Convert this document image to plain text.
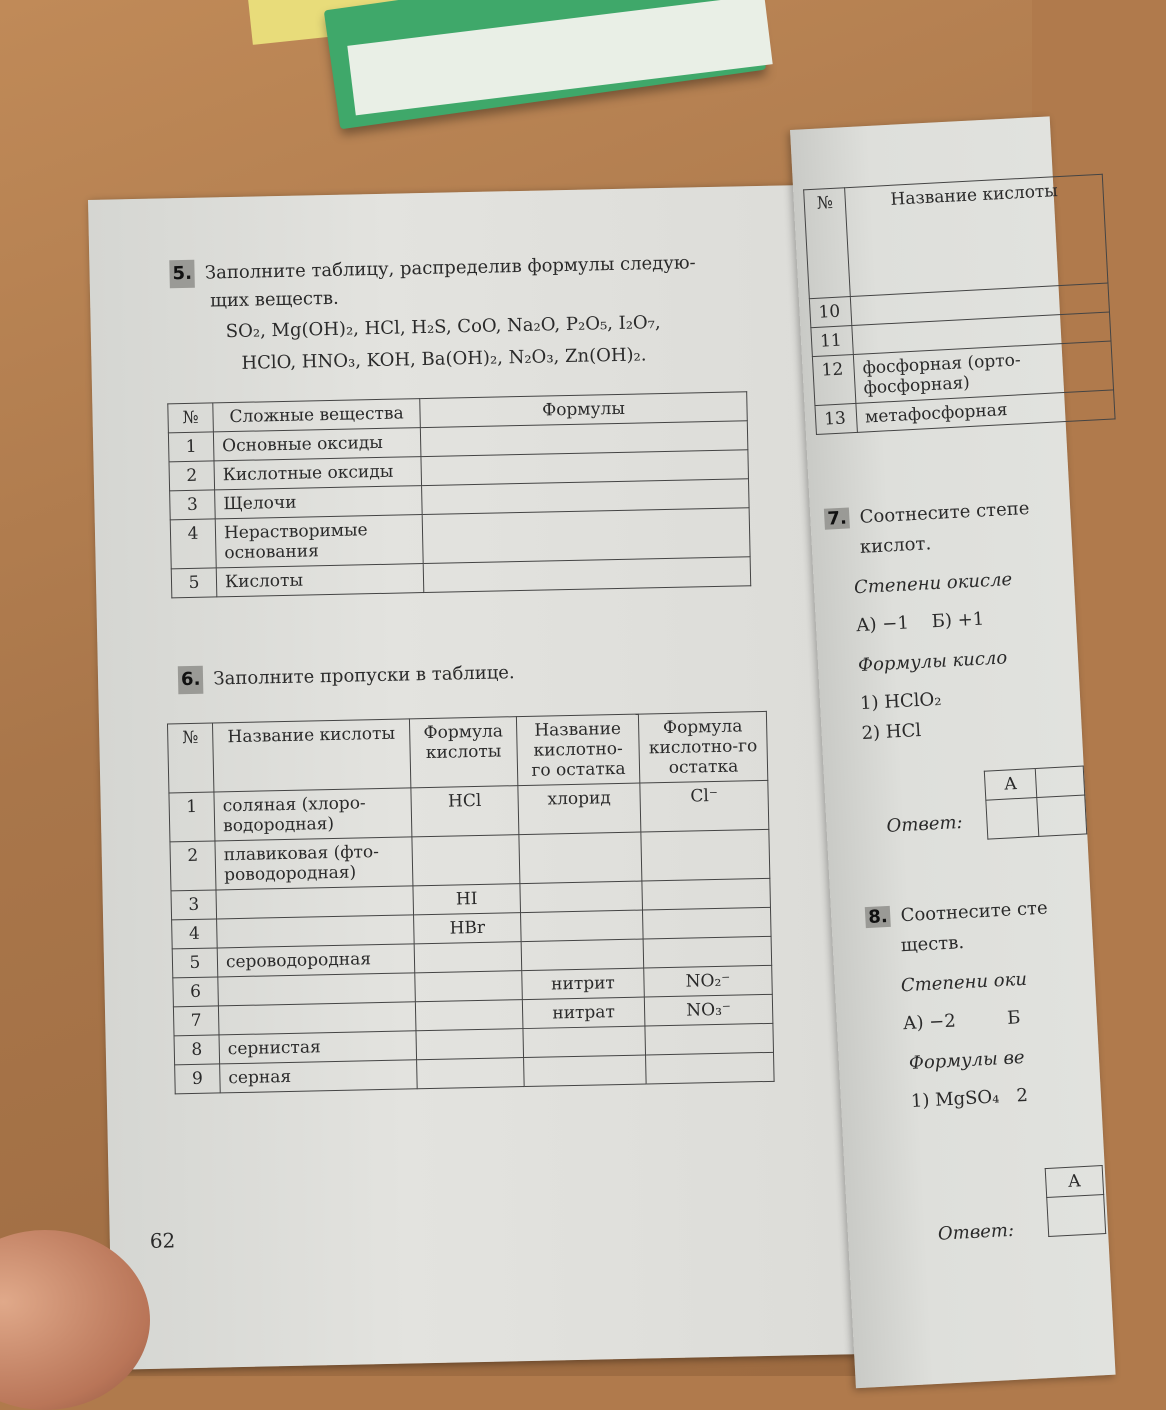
5. Заполните таблицу, распределив формулы следую-
щих веществ.
SO₂, Mg(OH)₂, HCl, H₂S, CoO, Na₂O, P₂O₅, I₂O₇,
HClO, HNO₃, KOH, Ba(OH)₂, N₂O₃, Zn(OH)₂.
№	Сложные вещества	Формулы
1	Основные оксиды	
2	Кислотные оксиды	
3	Щелочи	
4	Нерастворимые основания	
5	Кислоты	
6. Заполните пропуски в таблице.
№	Название кислоты	Формула кислоты	Название кислотно-го остатка	Формула кислотно-го остатка
1	соляная (хлоро-водородная)	HCl	хлорид	Cl⁻
2	плавиковая (фто-роводородная)			
3		HI		
4		HBr		
5	сероводородная			
6			нитрит	NO₂⁻
7			нитрат	NO₃⁻
8	сернистая			
9	серная			
62
№	Название кислоты
10	
11	
12	фосфорная (орто-фосфорная)
13	метафосфорная
7. Соотнесите степе
кислот.
Степени окисле
А) −1    Б) +1
Формулы кисло
1) HClO₂
2) HCl
Ответ:
А	

8. Соотнесите сте
ществ.
Степени оки
А) −2         Б
Формулы ве
1) MgSO₄   2
Ответ:
А
